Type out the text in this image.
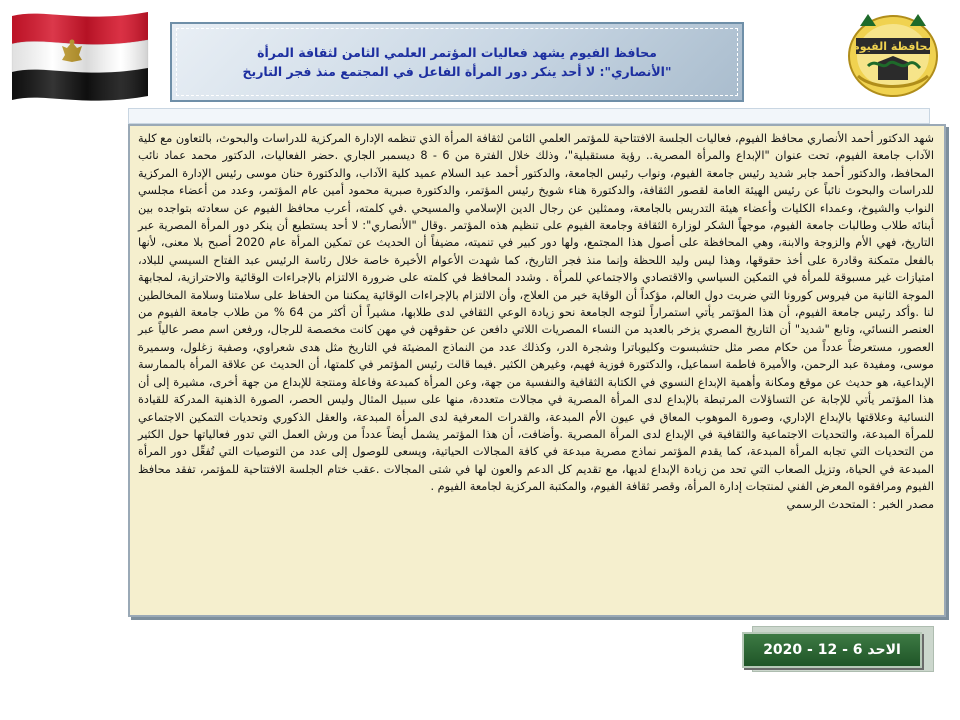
محافظة الفيوم
محافظ الفيوم يشهد فعاليات المؤتمر العلمي الثامن لثقافة المرأة
"الأنصاري": لا أحد ينكر دور المرأة الفاعل في المجتمع منذ فجر التاريخ

شهد الدكتور أحمد الأنصاري محافظ الفيوم، فعاليات الجلسة الافتتاحية للمؤتمر العلمي الثامن لثقافة المرأة الذي تنظمه الإدارة المركزية للدراسات والبحوث، بالتعاون مع كلية الآداب جامعة الفيوم، تحت عنوان "الإبداع والمرأة المصرية.. رؤية مستقبلية"، وذلك خلال الفترة من 6 - 8 ديسمبر الجاري .حضر الفعاليات، الدكتور محمد عماد نائب المحافظ، والدكتور أحمد جابر شديد رئيس جامعة الفيوم، ونواب رئيس الجامعة، والدكتور أحمد عبد السلام عميد كلية الآداب، والدكتورة حنان موسى رئيس الإدارة المركزية للدراسات والبحوث نائباً عن رئيس الهيئة العامة لقصور الثقافة، والدكتورة هناء شويخ رئيس المؤتمر، والدكتورة صبرية محمود أمين عام المؤتمر، وعدد من أعضاء مجلسي النواب والشيوخ، وعمداء الكليات وأعضاء هيئة التدريس بالجامعة، وممثلين عن رجال الدين الإسلامي والمسيحي .في كلمته، أعرب محافظ الفيوم عن سعادته بتواجده بين أبنائه طلاب وطالبات جامعة الفيوم، موجهاً الشكر لوزارة الثقافة وجامعة الفيوم على تنظيم هذه المؤتمر .وقال "الأنصاري": لا أحد يستطيع أن ينكر دور المرأة المصرية عبر التاريخ، فهي الأم والزوجة والابنة، وهي المحافظة على أصول هذا المجتمع، ولها دور كبير في تنميته، مضيفاً أن الحديث عن تمكين المرأة عام 2020 أصبح بلا معنى، لأنها بالفعل متمكنة وقادرة على أخذ حقوقها، وهذا ليس وليد اللحظة وإنما منذ فجر التاريخ، كما شهدت الأعوام الأخيرة خاصة خلال رئاسة الرئيس عبد الفتاح السيسي للبلاد، امتيازات غير مسبوقة للمرأة في التمكين السياسي والاقتصادي والاجتماعي للمرأة . وشدد المحافظ في كلمته على ضرورة الالتزام بالإجراءات الوقائية والاحترازية، لمجابهة الموجة الثانية من فيروس كورونا التي ضربت دول العالم، مؤكداً أن الوقاية خير من العلاج، وأن الالتزام بالإجراءات الوقائية يمكننا من الحفاظ على سلامتنا وسلامة المخالطين لنا .وأكد رئيس جامعة الفيوم، أن هذا المؤتمر يأتي استمراراً لتوجه الجامعة نحو زيادة الوعي الثقافي لدى طلابها، مشيراً أن أكثر من 64 % من طلاب جامعة الفيوم من العنصر النسائي، وتابع "شديد" أن التاريخ المصري يزخر بالعديد من النساء المصريات اللاتي دافعن عن حقوقهن في مهن كانت مخصصة للرجال، ورفعن اسم مصر عالياً عبر العصور، مستعرضاً عدداً من حكام مصر مثل حتشبسوت وكليوباترا وشجرة الدر، وكذلك عدد من النماذج المضيئة في التاريخ مثل هدى شعراوي، وصفية زغلول، وسميرة موسى، ومفيدة عبد الرحمن، والأميرة فاطمة اسماعيل، والدكتورة فوزية فهيم، وغيرهن الكثير .فيما قالت رئيس المؤتمر في كلمتها، أن الحديث عن علاقة المرأة بالممارسة الإبداعية، هو حديث عن موقع ومكانة وأهمية الإبداع النسوي في الكتابة الثقافية والنفسية من جهة، وعن المرأة كمبدعة وفاعلة ومنتجة للإبداع من جهة أخرى، مشيرة إلى أن هذا المؤتمر يأتي للإجابة عن التساؤلات المرتبطة بالإبداع لدى المرأة المصرية في مجالات متعددة، منها على سبيل المثال وليس الحصر، الصورة الذهنية المدركة للقيادة النسائية وعلاقتها بالإبداع الإداري، وصورة الموهوب المعاق في عيون الأم المبدعة، والقدرات المعرفية لدى المرأة المبدعة، والعقل الذكوري وتحديات التمكين الاجتماعي للمرأة المبدعة، والتحديات الاجتماعية والثقافية في الإبداع لدى المرأة المصرية .وأضافت، أن هذا المؤتمر يشمل أيضاً عدداً من ورش العمل التي تدور فعالياتها حول الكثير من التحديات التي تجابه المرأة المبدعة، كما يقدم المؤتمر نماذج مصرية مبدعة في كافة المجالات الحياتية، ويسعى للوصول إلى عدد من التوصيات التي تُفعِّل دور المرأة المبدعة في الحياة، وتزيل الصعاب التي تحد من زيادة الإبداع لديها، مع تقديم كل الدعم والعون لها في شتى المجالات .عقب ختام الجلسة الافتتاحية للمؤتمر، تفقد محافظ الفيوم ومرافقوه المعرض الفني لمنتجات إدارة المرأة، وقصر ثقافة الفيوم، والمكتبة المركزية لجامعة الفيوم .

مصدر الخبر : المتحدث الرسمي

الاحد 6 - 12 - 2020
